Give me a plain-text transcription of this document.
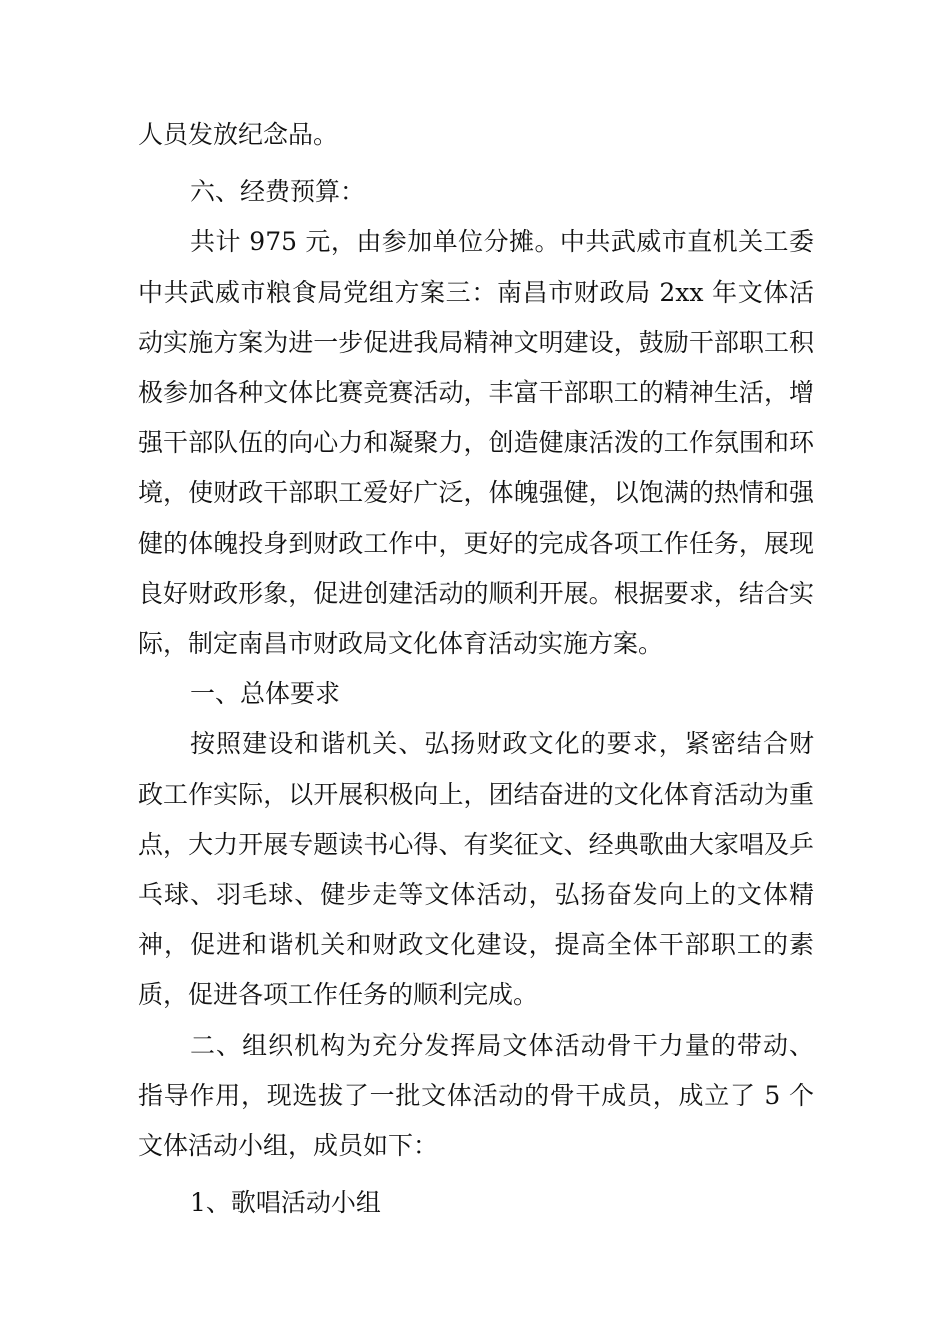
人员发放纪念品。

六、经费预算：

共计 975 元，由参加单位分摊。中共武威市直机关工委中共武威市粮食局党组方案三：南昌市财政局 2xx 年文体活动实施方案为进一步促进我局精神文明建设，鼓励干部职工积极参加各种文体比赛竞赛活动，丰富干部职工的精神生活，增强干部队伍的向心力和凝聚力，创造健康活泼的工作氛围和环境，使财政干部职工爱好广泛，体魄强健，以饱满的热情和强健的体魄投身到财政工作中，更好的完成各项工作任务，展现良好财政形象，促进创建活动的顺利开展。根据要求，结合实际，制定南昌市财政局文化体育活动实施方案。

一、总体要求

按照建设和谐机关、弘扬财政文化的要求，紧密结合财政工作实际，以开展积极向上，团结奋进的文化体育活动为重点，大力开展专题读书心得、有奖征文、经典歌曲大家唱及乒乓球、羽毛球、健步走等文体活动，弘扬奋发向上的文体精神，促进和谐机关和财政文化建设，提高全体干部职工的素质，促进各项工作任务的顺利完成。

二、组织机构为充分发挥局文体活动骨干力量的带动、指导作用，现选拔了一批文体活动的骨干成员，成立了 5 个文体活动小组，成员如下：

1、歌唱活动小组
